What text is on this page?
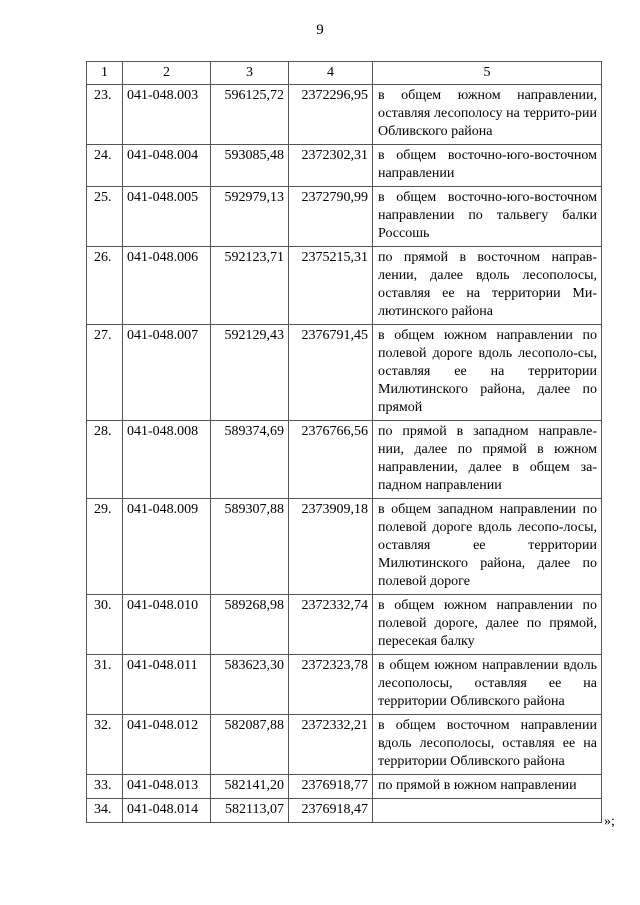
9
1	2	3	4	5
23.	041-048.003	596125,72	2372296,95	в общем южном направлении, оставляя лесополосу на террито-рии Обливского района
24.	041-048.004	593085,48	2372302,31	в общем восточно-юго-восточном направлении
25.	041-048.005	592979,13	2372790,99	в общем восточно-юго-восточном направлении по тальвегу балки Россошь
26.	041-048.006	592123,71	2375215,31	по прямой в восточном направ-лении, далее вдоль лесополосы, оставляя ее на территории Ми-лютинского района
27.	041-048.007	592129,43	2376791,45	в общем южном направлении по полевой дороге вдоль лесополо-сы, оставляя ее на территории Милютинского района, далее по прямой
28.	041-048.008	589374,69	2376766,56	по прямой в западном направле-нии, далее по прямой в южном направлении, далее в общем за-падном направлении
29.	041-048.009	589307,88	2373909,18	в общем западном направлении по полевой дороге вдоль лесопо-лосы, оставляя ее территории Милютинского района, далее по полевой дороге
30.	041-048.010	589268,98	2372332,74	в общем южном направлении по полевой дороге, далее по прямой, пересекая балку
31.	041-048.011	583623,30	2372323,78	в общем южном направлении вдоль лесополосы, оставляя ее на территории Обливского района
32.	041-048.012	582087,88	2372332,21	в общем восточном направлении вдоль лесополосы, оставляя ее на территории Обливского района
33.	041-048.013	582141,20	2376918,77	по прямой в южном направлении
34.	041-048.014	582113,07	2376918,47	
»;
